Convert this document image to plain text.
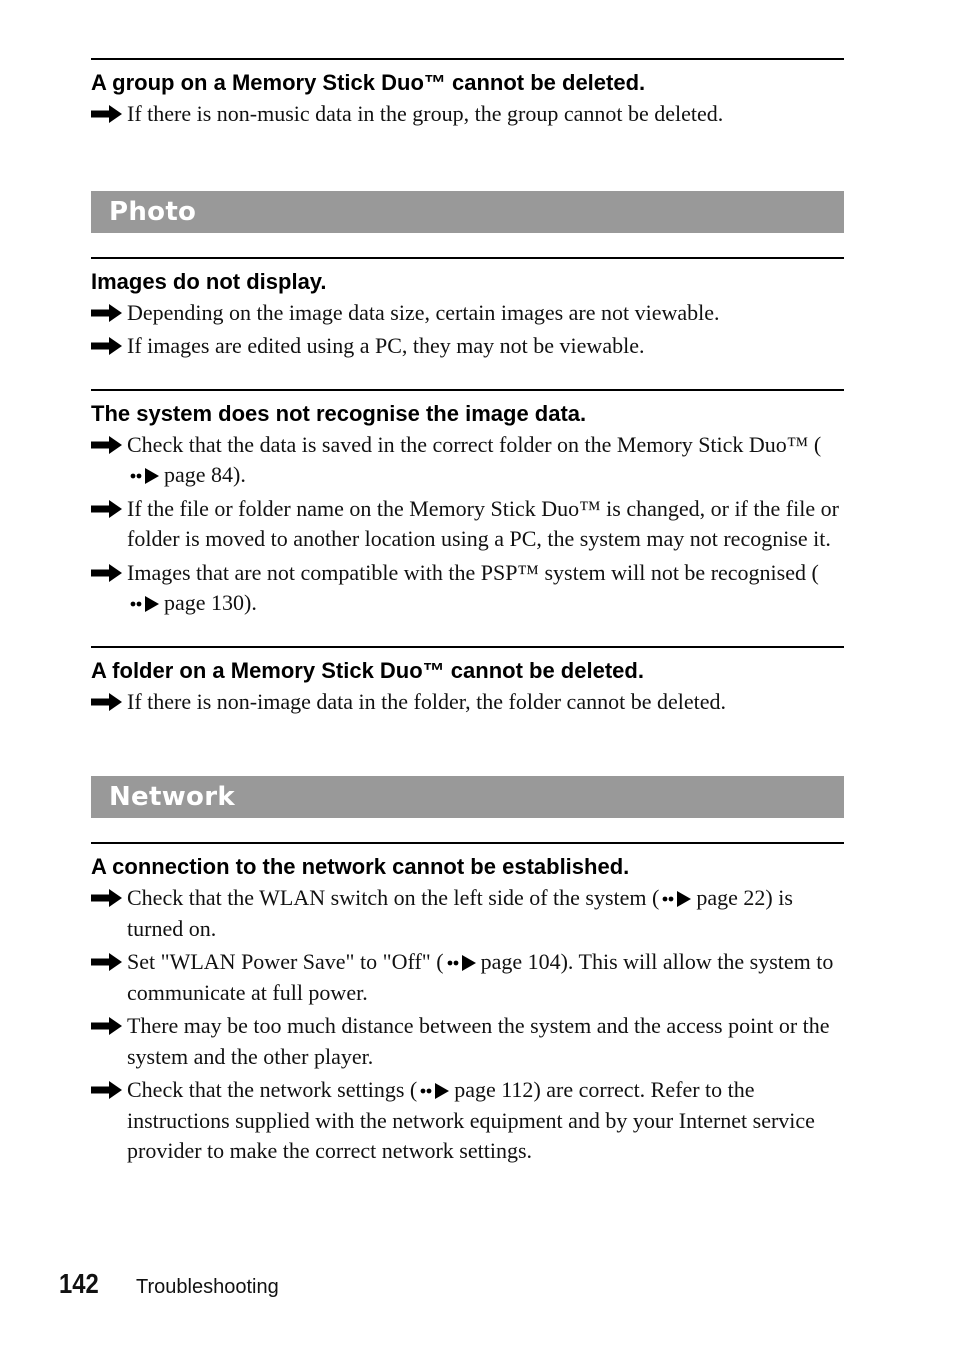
A group on a Memory Stick Duo™ cannot be deleted.
If there is non-music data in the group, the group cannot be deleted.
Photo
Images do not display.
Depending on the image data size, certain images are not viewable.
If images are edited using a PC, they may not be viewable.
The system does not recognise the image data.
Check that the data is saved in the correct folder on the Memory Stick Duo™ (page 84).
If the file or folder name on the Memory Stick Duo™ is changed, or if the file or folder is moved to another location using a PC, the system may not recognise it.
Images that are not compatible with the PSP™ system will not be recognised (page 130).
A folder on a Memory Stick Duo™ cannot be deleted.
If there is non-image data in the folder, the folder cannot be deleted.
Network
A connection to the network cannot be established.
Check that the WLAN switch on the left side of the system ( page 22) is turned on.
Set "WLAN Power Save" to "Off" ( page 104). This will allow the system to communicate at full power.
There may be too much distance between the system and the access point or the system and the other player.
Check that the network settings ( page 112) are correct. Refer to the instructions supplied with the network equipment and by your Internet service provider to make the correct network settings.
142	Troubleshooting
